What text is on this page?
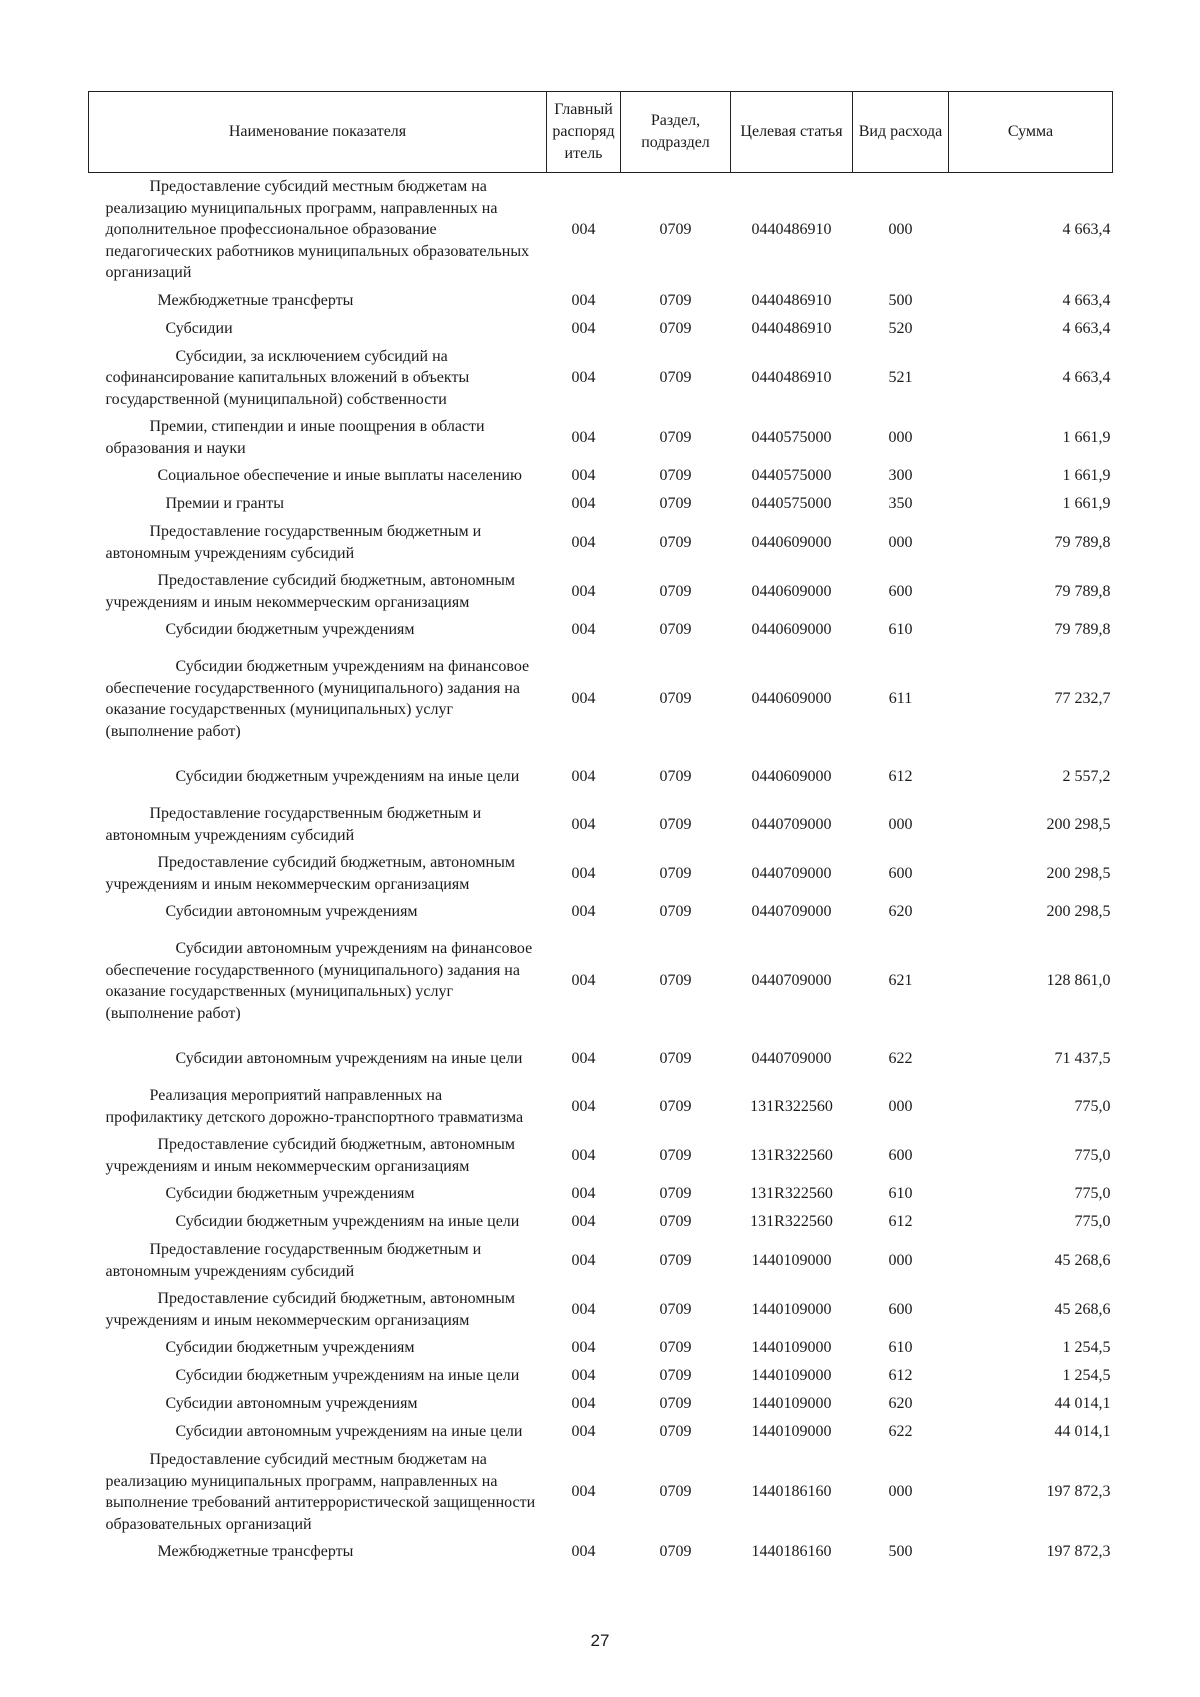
Наименование показателя	Главный распоряд итель	Раздел, подраздел	Целевая статья	Вид расхода	Сумма

Предоставление субсидий местным бюджетам на реализацию муниципальных программ, направленных на дополнительное профессиональное образование педагогических работников муниципальных образовательных организаций	004	0709	0440486910	000	4 663,4

Межбюджетные трансферты	004	0709	0440486910	500	4 663,4

Субсидии	004	0709	0440486910	520	4 663,4

Субсидии, за исключением субсидий на софинансирование капитальных вложений в объекты государственной (муниципальной) собственности	004	0709	0440486910	521	4 663,4

Премии, стипендии и иные поощрения в области образования и науки	004	0709	0440575000	000	1 661,9

Социальное обеспечение и иные выплаты населению	004	0709	0440575000	300	1 661,9

Премии и гранты	004	0709	0440575000	350	1 661,9

Предоставление государственным бюджетным и автономным учреждениям субсидий	004	0709	0440609000	000	79 789,8

Предоставление субсидий бюджетным, автономным учреждениям и иным некоммерческим организациям	004	0709	0440609000	600	79 789,8

Субсидии бюджетным учреждениям	004	0709	0440609000	610	79 789,8

Субсидии бюджетным учреждениям на финансовое обеспечение государственного (муниципального) задания на оказание государственных (муниципальных) услуг (выполнение работ)	004	0709	0440609000	611	77 232,7

Субсидии бюджетным учреждениям на иные цели	004	0709	0440609000	612	2 557,2

Предоставление государственным бюджетным и автономным учреждениям субсидий	004	0709	0440709000	000	200 298,5

Предоставление субсидий бюджетным, автономным учреждениям и иным некоммерческим организациям	004	0709	0440709000	600	200 298,5

Субсидии автономным учреждениям	004	0709	0440709000	620	200 298,5

Субсидии автономным учреждениям на финансовое обеспечение государственного (муниципального) задания на оказание государственных (муниципальных) услуг (выполнение работ)	004	0709	0440709000	621	128 861,0

Субсидии автономным учреждениям на иные цели	004	0709	0440709000	622	71 437,5

Реализация мероприятий направленных на профилактику детского дорожно-транспортного травматизма	004	0709	131R322560	000	775,0

Предоставление субсидий бюджетным, автономным учреждениям и иным некоммерческим организациям	004	0709	131R322560	600	775,0

Субсидии бюджетным учреждениям	004	0709	131R322560	610	775,0

Субсидии бюджетным учреждениям на иные цели	004	0709	131R322560	612	775,0

Предоставление государственным бюджетным и автономным учреждениям субсидий	004	0709	1440109000	000	45 268,6

Предоставление субсидий бюджетным, автономным учреждениям и иным некоммерческим организациям	004	0709	1440109000	600	45 268,6

Субсидии бюджетным учреждениям	004	0709	1440109000	610	1 254,5

Субсидии бюджетным учреждениям на иные цели	004	0709	1440109000	612	1 254,5

Субсидии автономным учреждениям	004	0709	1440109000	620	44 014,1

Субсидии автономным учреждениям на иные цели	004	0709	1440109000	622	44 014,1

Предоставление субсидий местным бюджетам на реализацию муниципальных программ, направленных на выполнение требований антитеррористической защищенности образовательных организаций	004	0709	1440186160	000	197 872,3

Межбюджетные трансферты	004	0709	1440186160	500	197 872,3
27
